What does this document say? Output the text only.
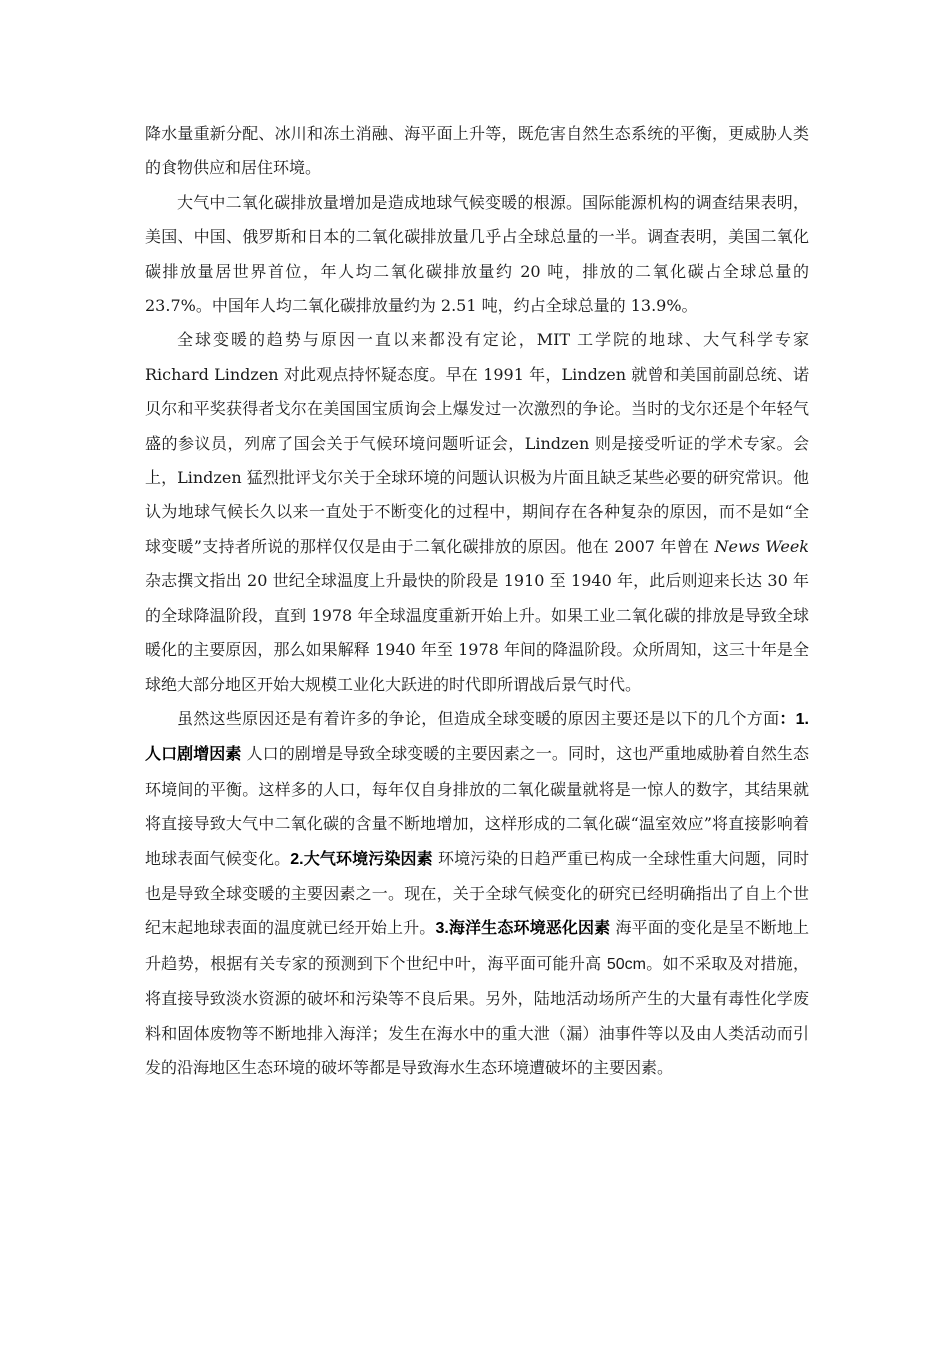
降水量重新分配、冰川和冻土消融、海平面上升等，既危害自然生态系统的平衡，更威胁人类的食物供应和居住环境。

大气中二氧化碳排放量增加是造成地球气候变暖的根源。国际能源机构的调查结果表明，美国、中国、俄罗斯和日本的二氧化碳排放量几乎占全球总量的一半。调查表明，美国二氧化碳排放量居世界首位，年人均二氧化碳排放量约 20 吨，排放的二氧化碳占全球总量的 23.7%。中国年人均二氧化碳排放量约为 2.51 吨，约占全球总量的 13.9%。

全球变暖的趋势与原因一直以来都没有定论，MIT 工学院的地球、大气科学专家 Richard Lindzen 对此观点持怀疑态度。早在 1991 年，Lindzen 就曾和美国前副总统、诺贝尔和平奖获得者戈尔在美国国宝质询会上爆发过一次激烈的争论。当时的戈尔还是个年轻气盛的参议员，列席了国会关于气候环境问题听证会，Lindzen 则是接受听证的学术专家。会上，Lindzen 猛烈批评戈尔关于全球环境的问题认识极为片面且缺乏某些必要的研究常识。他认为地球气候长久以来一直处于不断变化的过程中，期间存在各种复杂的原因，而不是如“全球变暖”支持者所说的那样仅仅是由于二氧化碳排放的原因。他在 2007 年曾在 News Week 杂志撰文指出 20 世纪全球温度上升最快的阶段是 1910 至 1940 年，此后则迎来长达 30 年的全球降温阶段，直到 1978 年全球温度重新开始上升。如果工业二氧化碳的排放是导致全球暖化的主要原因，那么如果解释 1940 年至 1978 年间的降温阶段。众所周知，这三十年是全球绝大部分地区开始大规模工业化大跃进的时代即所谓战后景气时代。

虽然这些原因还是有着许多的争论，但造成全球变暖的原因主要还是以下的几个方面：1.人口剧增因素 人口的剧增是导致全球变暖的主要因素之一。同时，这也严重地威胁着自然生态环境间的平衡。这样多的人口，每年仅自身排放的二氧化碳量就将是一惊人的数字，其结果就将直接导致大气中二氧化碳的含量不断地增加，这样形成的二氧化碳“温室效应”将直接影响着地球表面气候变化。2.大气环境污染因素 环境污染的日趋严重已构成一全球性重大问题，同时也是导致全球变暖的主要因素之一。现在，关于全球气候变化的研究已经明确指出了自上个世纪末起地球表面的温度就已经开始上升。3.海洋生态环境恶化因素 海平面的变化是呈不断地上升趋势，根据有关专家的预测到下个世纪中叶，海平面可能升高 50cm。如不采取及对措施，将直接导致淡水资源的破坏和污染等不良后果。另外，陆地活动场所产生的大量有毒性化学废料和固体废物等不断地排入海洋；发生在海水中的重大泄（漏）油事件等以及由人类活动而引发的沿海地区生态环境的破坏等都是导致海水生态环境遭破坏的主要因素。
